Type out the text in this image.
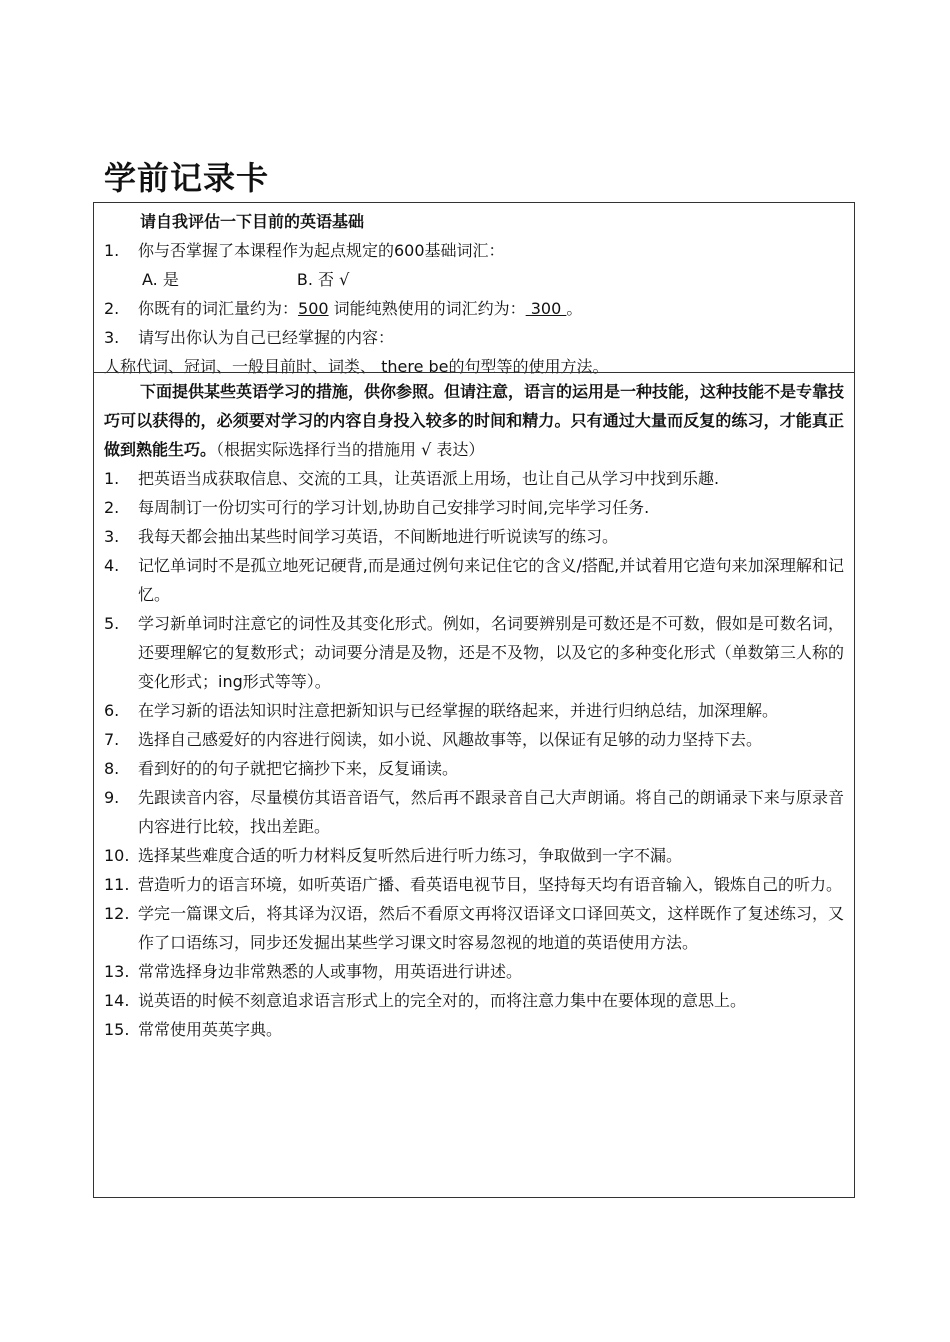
学前记录卡
请自我评估一下目前的英语基础
1. 你与否掌握了本课程作为起点规定的600基础词汇：
A. 是	B. 否 √
2. 你既有的词汇量约为：500 词能纯熟使用的词汇约为： 300 。
3. 请写出你认为自己已经掌握的内容：
人称代词、冠词、一般目前时、词类、 there be的句型等的使用方法。
下面提供某些英语学习的措施，供你参照。但请注意，语言的运用是一种技能，这种技能不是专靠技巧可以获得的，必须要对学习的内容自身投入较多的时间和精力。只有通过大量而反复的练习，才能真正做到熟能生巧。（根据实际选择行当的措施用 √ 表达）
1.	把英语当成获取信息、交流的工具，让英语派上用场，也让自己从学习中找到乐趣.
2.	每周制订一份切实可行的学习计划,协助自己安排学习时间,完毕学习任务.
3.	我每天都会抽出某些时间学习英语，不间断地进行听说读写的练习。
4.	记忆单词时不是孤立地死记硬背,而是通过例句来记住它的含义/搭配,并试着用它造句来加深理解和记忆。
5.	学习新单词时注意它的词性及其变化形式。例如，名词要辨别是可数还是不可数，假如是可数名词，还要理解它的复数形式；动词要分清是及物，还是不及物，以及它的多种变化形式（单数第三人称的变化形式；ing形式等等）。
6.	在学习新的语法知识时注意把新知识与已经掌握的联络起来，并进行归纳总结，加深理解。
7.	选择自己感爱好的内容进行阅读，如小说、风趣故事等，以保证有足够的动力坚持下去。
8.	看到好的的句子就把它摘抄下来，反复诵读。
9.	先跟读音内容，尽量模仿其语音语气，然后再不跟录音自己大声朗诵。将自己的朗诵录下来与原录音内容进行比较，找出差距。
10. 选择某些难度合适的听力材料反复听然后进行听力练习，争取做到一字不漏。
11. 营造听力的语言环境，如听英语广播、看英语电视节目，坚持每天均有语音输入，锻炼自己的听力。
12. 学完一篇课文后，将其译为汉语，然后不看原文再将汉语译文口译回英文，这样既作了复述练习，又作了口语练习，同步还发掘出某些学习课文时容易忽视的地道的英语使用方法。
13. 常常选择身边非常熟悉的人或事物，用英语进行讲述。
14. 说英语的时候不刻意追求语言形式上的完全对的，而将注意力集中在要体现的意思上。
15. 常常使用英英字典。
